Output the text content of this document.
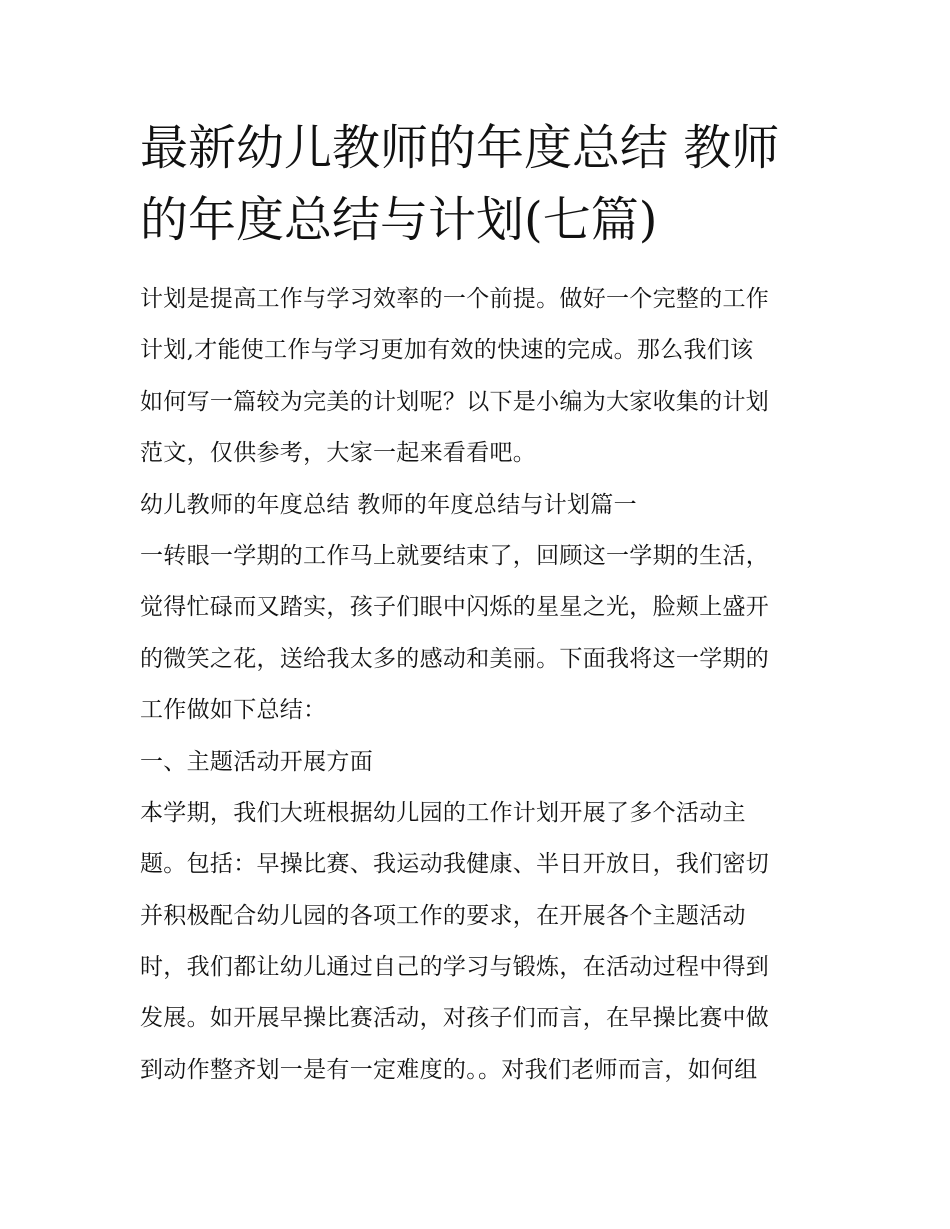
最新幼儿教师的年度总结 教师
的年度总结与计划(七篇)
计划是提高工作与学习效率的一个前提。做好一个完整的工作
计划,才能使工作与学习更加有效的快速的完成。那么我们该
如何写一篇较为完美的计划呢？以下是小编为大家收集的计划
范文，仅供参考，大家一起来看看吧。
幼儿教师的年度总结 教师的年度总结与计划篇一
一转眼一学期的工作马上就要结束了，回顾这一学期的生活，
觉得忙碌而又踏实，孩子们眼中闪烁的星星之光，脸颊上盛开
的微笑之花，送给我太多的感动和美丽。下面我将这一学期的
工作做如下总结：
一、主题活动开展方面
本学期，我们大班根据幼儿园的工作计划开展了多个活动主
题。包括：早操比赛、我运动我健康、半日开放日，我们密切
并积极配合幼儿园的各项工作的要求，在开展各个主题活动
时，我们都让幼儿通过自己的学习与锻炼，在活动过程中得到
发展。如开展早操比赛活动，对孩子们而言，在早操比赛中做
到动作整齐划一是有一定难度的。。对我们老师而言，如何组
